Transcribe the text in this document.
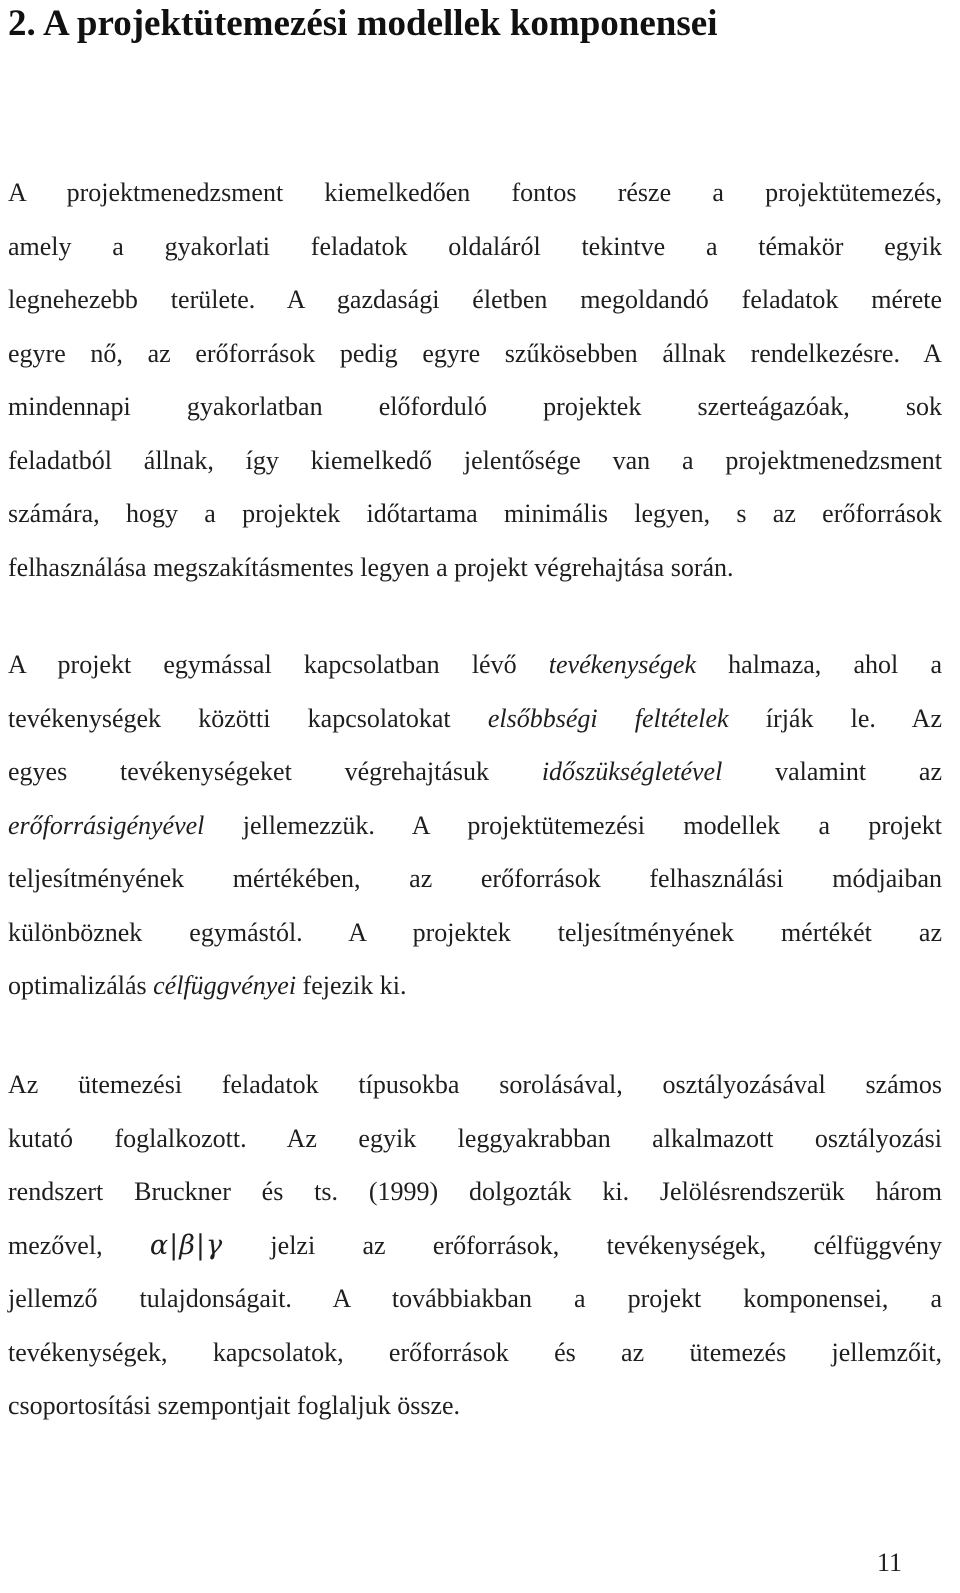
2. A projektütemezési modellek komponensei
A projektmenedzsment kiemelkedően fontos része a projektütemezés,
amely a gyakorlati feladatok oldaláról tekintve a témakör egyik
legnehezebb területe. A gazdasági életben megoldandó feladatok mérete
egyre nő, az erőforrások pedig egyre szűkösebben állnak rendelkezésre. A
mindennapi gyakorlatban előforduló projektek szerteágazóak, sok
feladatból állnak, így kiemelkedő jelentősége van a projektmenedzsment
számára, hogy a projektek időtartama minimális legyen, s az erőforrások
felhasználása megszakításmentes legyen a projekt végrehajtása során.
A projekt egymással kapcsolatban lévő tevékenységek halmaza, ahol a
tevékenységek közötti kapcsolatokat elsőbbségi feltételek írják le. Az
egyes tevékenységeket végrehajtásuk időszükségletével valamint az
erőforrásigényével jellemezzük. A projektütemezési modellek a projekt
teljesítményének mértékében, az erőforrások felhasználási módjaiban
különböznek egymástól. A projektek teljesítményének mértékét az
optimalizálás célfüggvényei fejezik ki.
Az ütemezési feladatok típusokba sorolásával, osztályozásával számos
kutató foglalkozott. Az egyik leggyakrabban alkalmazott osztályozási
rendszert Bruckner és ts. (1999) dolgozták ki. Jelölésrendszerük három
mezővel, α|β|γ jelzi az erőforrások, tevékenységek, célfüggvény
jellemző tulajdonságait. A továbbiakban a projekt komponensei, a
tevékenységek, kapcsolatok, erőforrások és az ütemezés jellemzőit,
csoportosítási szempontjait foglaljuk össze.
11
